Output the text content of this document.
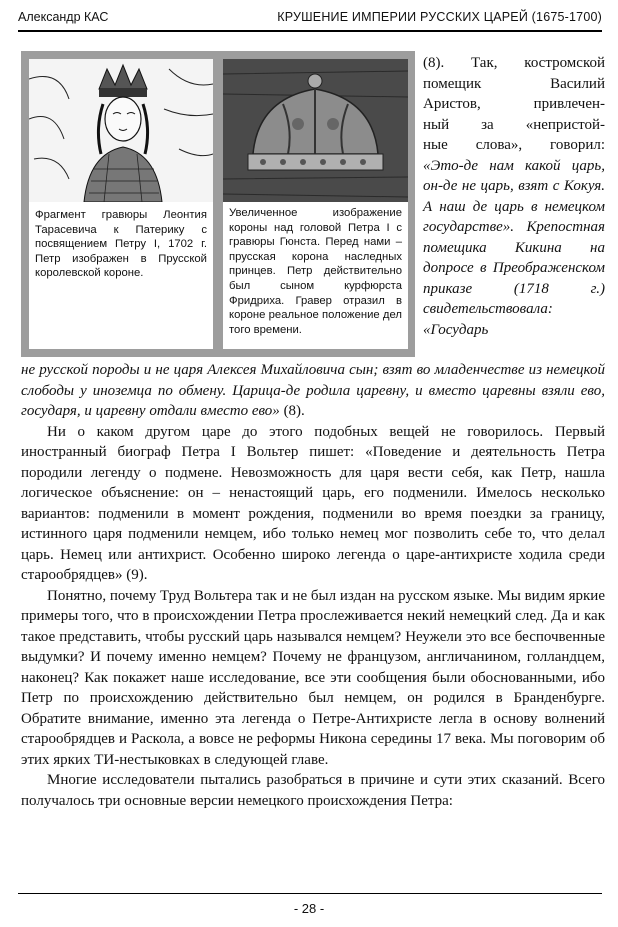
Александр КАС	КРУШЕНИЕ ИМПЕРИИ РУССКИХ ЦАРЕЙ (1675-1700)

Фрагмент гравюры Леонтия Тарасевича к Патерику с посвящением Петру I, 1702 г. Петр изображен в Прусской королевской короне.

Увеличенное изображение короны над головой Петра I с гравюры Гюнста. Перед нами – прусская корона наследных принцев. Петр действительно был сыном курфюрста Фридриха. Гравер отразил в короне реальное положение дел того времени.

(8). Так, костромской
помещик Василий
Аристов, привлечен-
ный за «непристой-
ные слова», говорил:
«Это-де нам какой царь, он-де не царь, взят с Кокуя. А наш де царь в немецком государстве». Крепостная помещика Кикина на допросе в Преображенском приказе (1718 г.) свидетельствовала: «Государь

не русской породы и не царя Алексея Михайловича сын; взят во младенчестве из немецкой слободы у иноземца по обмену. Царица-де родила царевну, и вместо царевны взяли ево, государя, и царевну отдали вместо ево» (8).

Ни о каком другом царе до этого подобных вещей не говорилось. Первый иностранный биограф Петра I Вольтер пишет: «Поведение и деятельность Петра породили легенду о подмене. Невозможность для царя вести себя, как Петр, нашла логическое объяснение: он – ненастоящий царь, его подменили. Имелось несколько вариантов: подменили в момент рождения, подменили во время поездки за границу, истинного царя подменили немцем, ибо только немец мог позволить себе то, что делал царь. Немец или антихрист. Особенно широко легенда о царе-антихристе ходила среди старообрядцев» (9).

Понятно, почему Труд Вольтера так и не был издан на русском языке. Мы видим яркие примеры того, что в происхождении Петра прослеживается некий немецкий след. Да и как такое представить, чтобы русский царь назывался немцем? Неужели это все беспочвенные выдумки? И почему именно немцем? Почему не французом, англичанином, голландцем, наконец? Как покажет наше исследование, все эти сообщения были обоснованными, ибо Петр по происхождению действительно был немцем, он родился в Бранденбурге. Обратите внимание, именно эта легенда о Петре-Антихристе легла в основу волнений старообрядцев и Раскола, а вовсе не реформы Никона середины 17 века. Мы поговорим об этих ярких ТИ-нестыковках в следующей главе.

Многие исследователи пытались разобраться в причине и сути этих сказаний. Всего получалось три основные версии немецкого происхождения Петра:

- 28 -
